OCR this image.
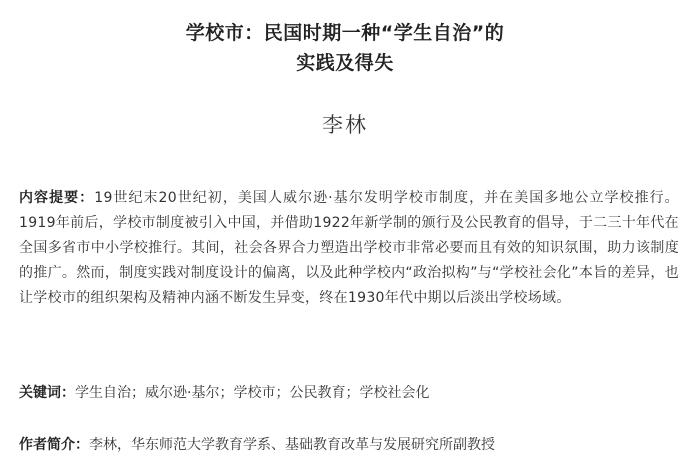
学校市：民国时期一种“学生自治”的
实践及得失
李林

内容提要：19世纪末20世纪初，美国人威尔逊·基尔发明学校市制度，并在美国多地公立学校推行。1919年前后，学校市制度被引入中国，并借助1922年新学制的颁行及公民教育的倡导，于二三十年代在全国多省市中小学校推行。其间，社会各界合力塑造出学校市非常必要而且有效的知识氛围，助力该制度的推广。然而，制度实践对制度设计的偏离，以及此种学校内“政治拟构”与“学校社会化”本旨的差异，也让学校市的组织架构及精神内涵不断发生异变，终在1930年代中期以后淡出学校场域。

关键词：学生自治；威尔逊·基尔；学校市；公民教育；学校社会化

作者简介：李林，华东师范大学教育学系、基础教育改革与发展研究所副教授
